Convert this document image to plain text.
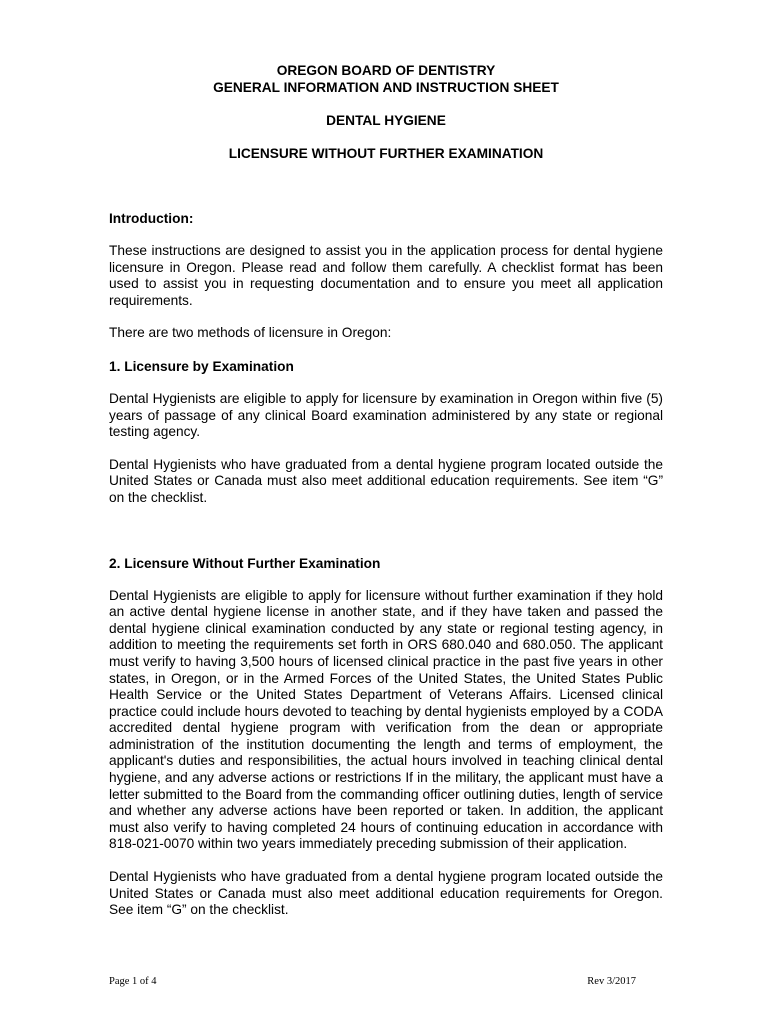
OREGON BOARD OF DENTISTRY
GENERAL INFORMATION AND INSTRUCTION SHEET
DENTAL HYGIENE
LICENSURE WITHOUT FURTHER EXAMINATION
Introduction:

These instructions are designed to assist you in the application process for dental hygiene licensure in Oregon. Please read and follow them carefully. A checklist format has been used to assist you in requesting documentation and to ensure you meet all application requirements.

There are two methods of licensure in Oregon:

1. Licensure by Examination

Dental Hygienists are eligible to apply for licensure by examination in Oregon within five (5) years of passage of any clinical Board examination administered by any state or regional testing agency.

Dental Hygienists who have graduated from a dental hygiene program located outside the United States or Canada must also meet additional education requirements. See item “G” on the checklist.

2. Licensure Without Further Examination

Dental Hygienists are eligible to apply for licensure without further examination if they hold an active dental hygiene license in another state, and if they have taken and passed the dental hygiene clinical examination conducted by any state or regional testing agency, in addition to meeting the requirements set forth in ORS 680.040 and 680.050. The applicant must verify to having 3,500 hours of licensed clinical practice in the past five years in other states, in Oregon, or in the Armed Forces of the United States, the United States Public Health Service or the United States Department of Veterans Affairs. Licensed clinical practice could include hours devoted to teaching by dental hygienists employed by a CODA accredited dental hygiene program with verification from the dean or appropriate administration of the institution documenting the length and terms of employment, the applicant's duties and responsibilities, the actual hours involved in teaching clinical dental hygiene, and any adverse actions or restrictions If in the military, the applicant must have a letter submitted to the Board from the commanding officer outlining duties, length of service and whether any adverse actions have been reported or taken. In addition, the applicant must also verify to having completed 24 hours of continuing education in accordance with 818-021-0070 within two years immediately preceding submission of their application.

Dental Hygienists who have graduated from a dental hygiene program located outside the United States or Canada must also meet additional education requirements for Oregon. See item “G” on the checklist.

Page 1 of 4	Rev 3/2017
